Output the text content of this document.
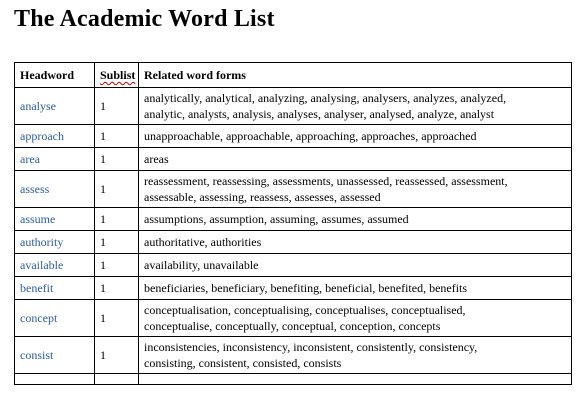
The Academic Word List
Headword	Sublist	Related word forms
analyse	1	analytically, analytical, analyzing, analysing, analysers, analyzes, analyzed,
analytic, analysts, analysis, analyses, analyser, analysed, analyze, analyst

approach	1	unapproachable, approachable, approaching, approaches, approached
area	1	areas
assess	1	reassessment, reassessing, assessments, unassessed, reassessed, assessment,
assessable, assessing, reassess, assesses, assessed

assume	1	assumptions, assumption, assuming, assumes, assumed
authority	1	authoritative, authorities
available	1	availability, unavailable
benefit	1	beneficiaries, beneficiary, benefiting, beneficial, benefited, benefits
concept	1	conceptualisation, conceptualising, conceptualises, conceptualised,
conceptualise, conceptually, conceptual, conception, concepts

consist	1	inconsistencies, inconsistency, inconsistent, consistently, consistency,
consisting, consistent, consisted, consists
